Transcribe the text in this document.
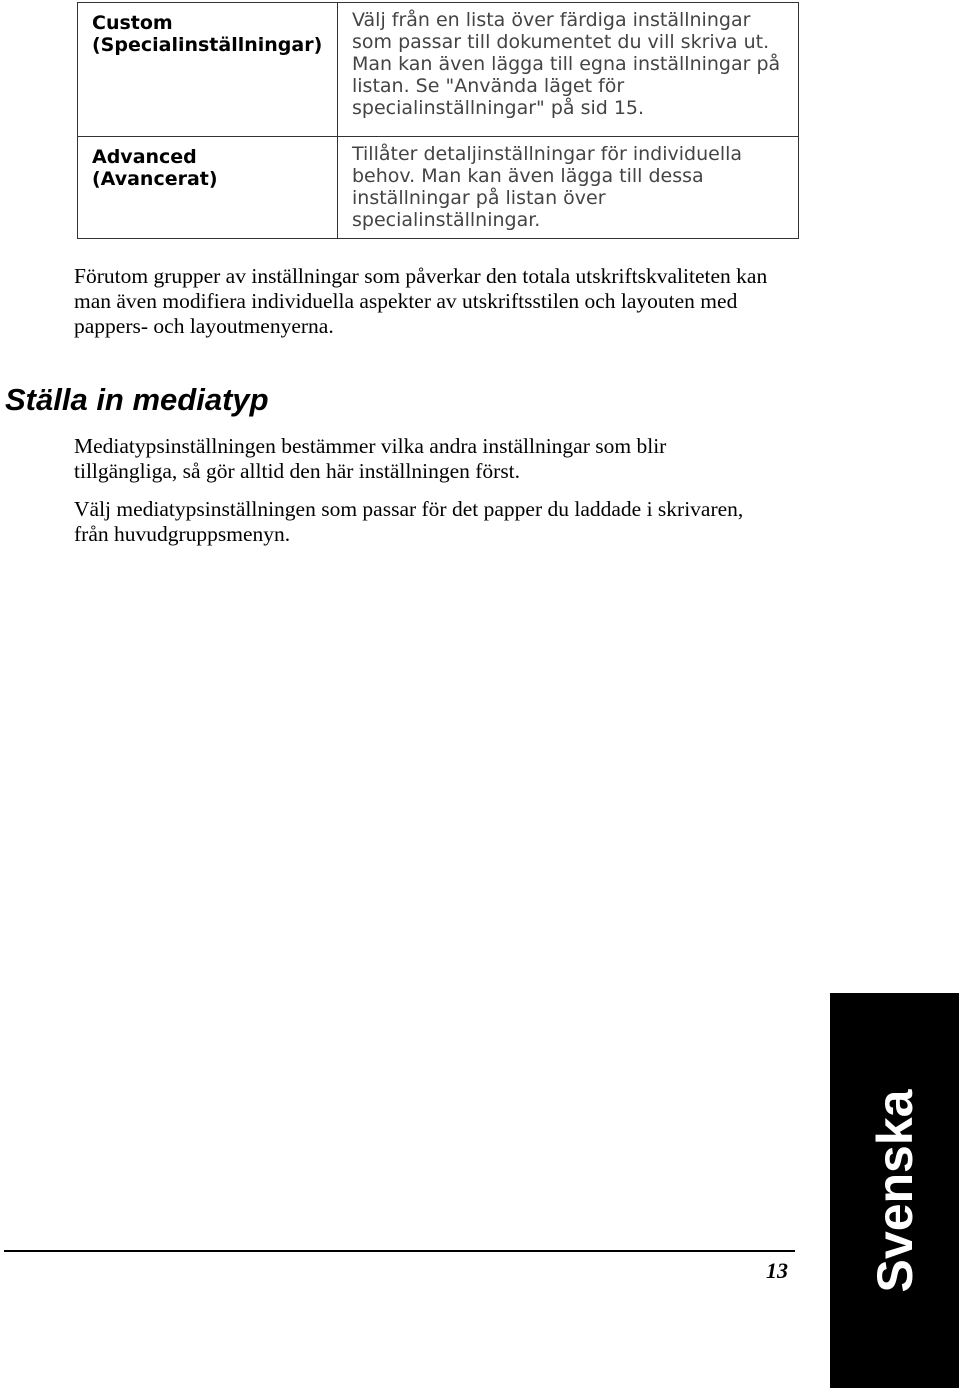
Custom
(Specialinställningar)	Välj från en lista över färdiga inställningar som passar till dokumentet du vill skriva ut. Man kan även lägga till egna inställningar på listan. Se "Använda läget för specialinställningar" på sid 15.

Advanced
(Avancerat)	Tillåter detaljinställningar för individuella behov. Man kan även lägga till dessa inställningar på listan över specialinställningar.

Förutom grupper av inställningar som påverkar den totala utskriftskvaliteten kan man även modifiera individuella aspekter av utskriftsstilen och layouten med pappers- och layoutmenyerna.

Ställa in mediatyp

Mediatypsinställningen bestämmer vilka andra inställningar som blir tillgängliga, så gör alltid den här inställningen först.

Välj mediatypsinställningen som passar för det papper du laddade i skrivaren, från huvudgruppsmenyn.

13 Svenska
